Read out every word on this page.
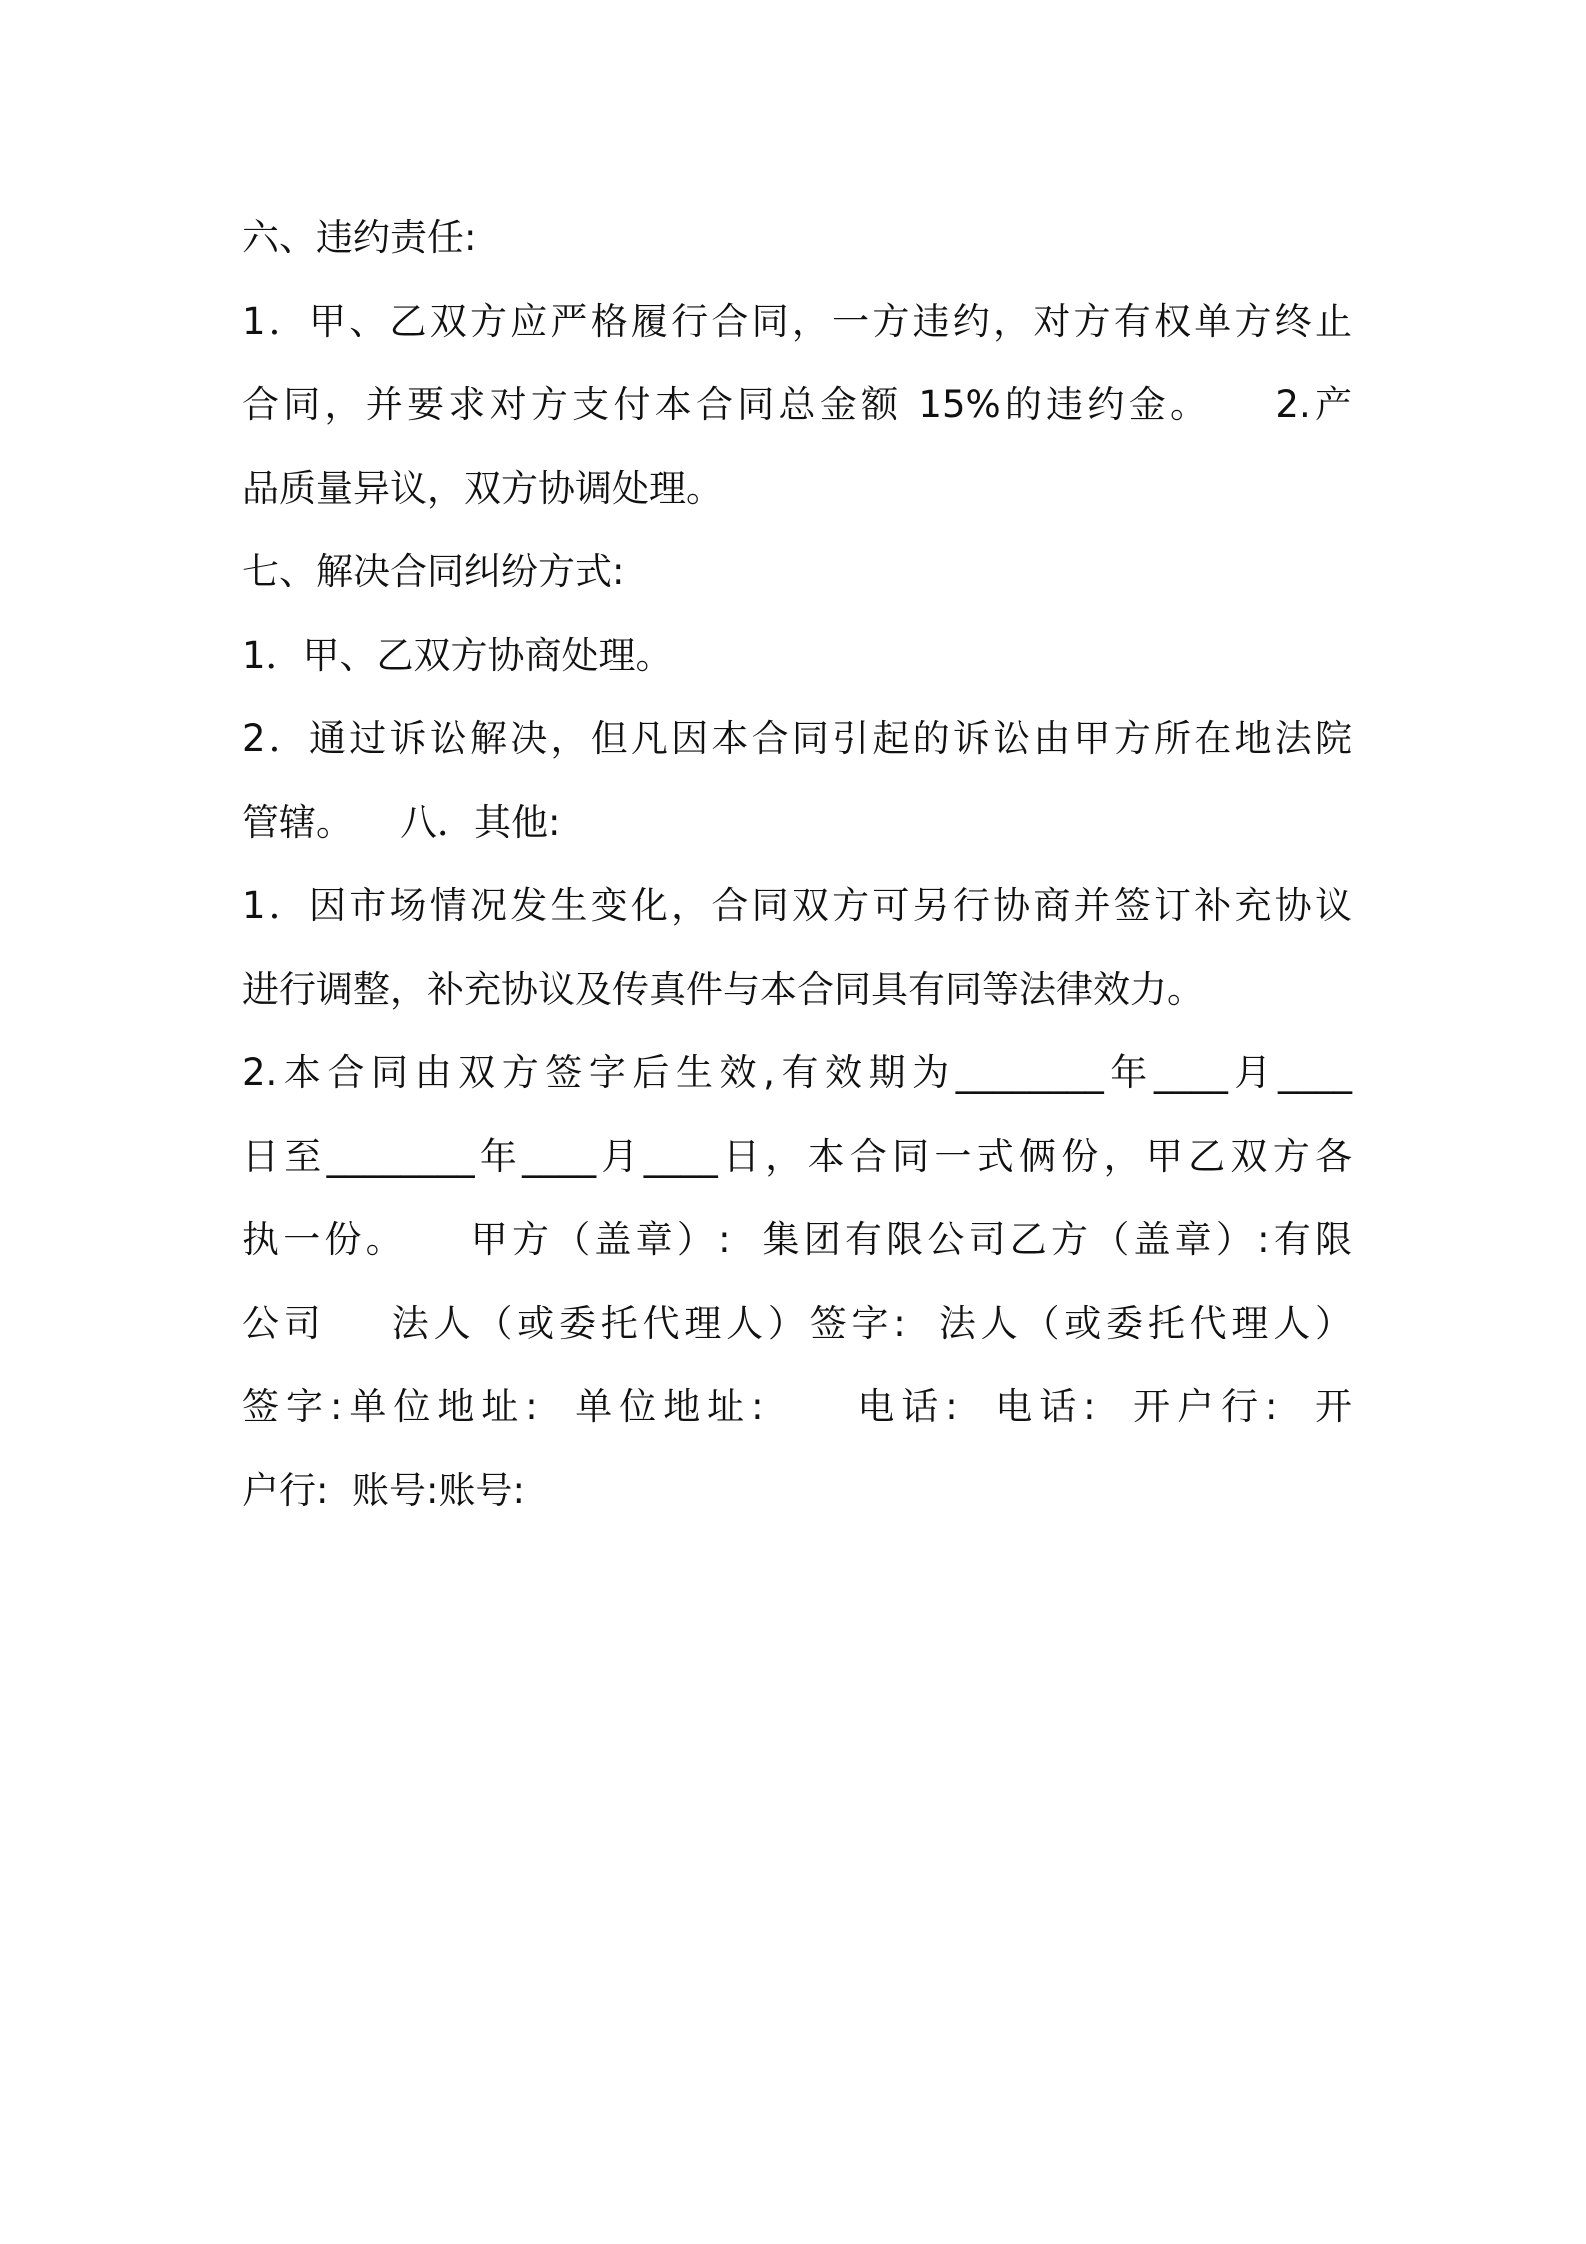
六、违约责任:
1．甲、乙双方应严格履行合同，一方违约，对方有权单方终止
合同，并要求对方支付本合同总金额 15%的违约金。    2.产
品质量异议，双方协调处理。
七、解决合同纠纷方式:
1．甲、乙双方协商处理。
2．通过诉讼解决，但凡因本合同引起的诉讼由甲方所在地法院
管辖。    八．其他:
1．因市场情况发生变化，合同双方可另行协商并签订补充协议
进行调整，补充协议及传真件与本合同具有同等法律效力。
2.本合同由双方签字后生效,有效期为________年____月____
日至________年____月____日，本合同一式俩份，甲乙双方各
执一份。    甲方（盖章）:  集团有限公司乙方（盖章）:有限
公司    法人（或委托代理人）签字:  法人（或委托代理人）
签字:单位地址:  单位地址:     电话:  电话:  开户行:  开
户行:  账号:账号:
